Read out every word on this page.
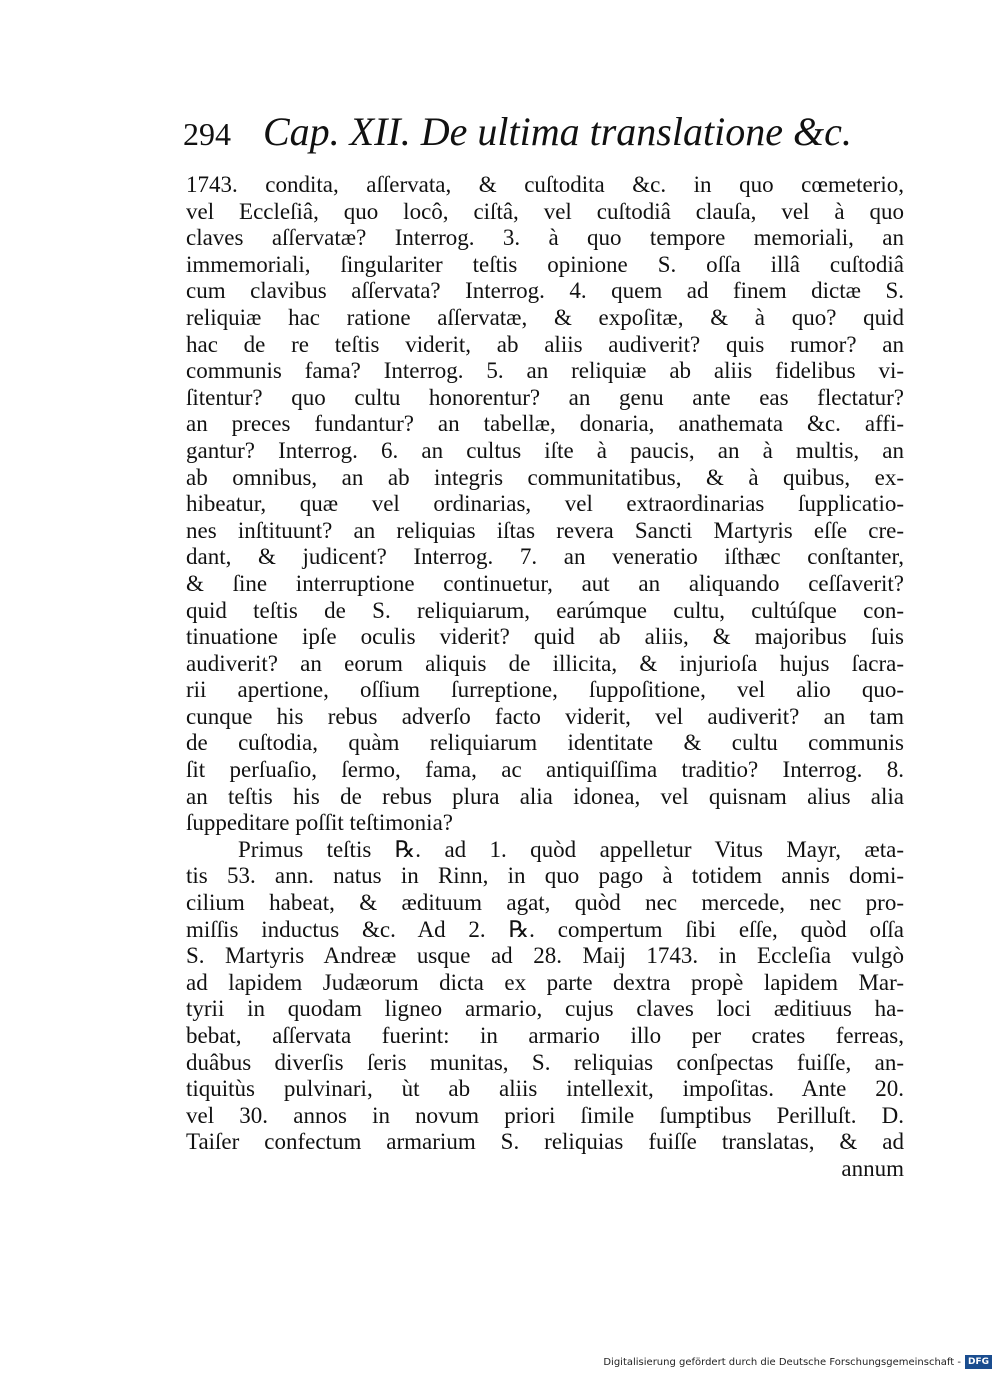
294 Cap. XII. De ultima translatione &c.
1743. condita, aſſervata, & cuſtodita &c. in quo cœmeterio,
vel Eccleſiâ, quo locô, ciſtâ, vel cuſtodiâ clauſa, vel à quo
claves aſſervatæ? Interrog. 3. à quo tempore memoriali, an
immemoriali, ſingulariter teſtis opinione S. oſſa illâ cuſtodiâ
cum clavibus aſſervata? Interrog. 4. quem ad finem dictæ S.
reliquiæ hac ratione aſſervatæ, & expoſitæ, & à quo? quid
hac de re teſtis viderit, ab aliis audiverit? quis rumor? an
communis fama? Interrog. 5. an reliquiæ ab aliis fidelibus vi-
ſitentur? quo cultu honorentur? an genu ante eas flectatur?
an preces fundantur? an tabellæ, donaria, anathemata &c. affi-
gantur? Interrog. 6. an cultus iſte à paucis, an à multis, an
ab omnibus, an ab integris communitatibus, & à quibus, ex-
hibeatur, quæ vel ordinarias, vel extraordinarias ſupplicatio-
nes inſtituunt? an reliquias iſtas revera Sancti Martyris eſſe cre-
dant, & judicent? Interrog. 7. an veneratio iſthæc conſtanter,
& ſine interruptione continuetur, aut an aliquando ceſſaverit?
quid teſtis de S. reliquiarum, earúmque cultu, cultúſque con-
tinuatione ipſe oculis viderit? quid ab aliis, & majoribus ſuis
audiverit? an eorum aliquis de illicita, & injurioſa hujus ſacra-
rii apertione, oſſium ſurreptione, ſuppoſitione, vel alio quo-
cunque his rebus adverſo facto viderit, vel audiverit? an tam
de cuſtodia, quàm reliquiarum identitate & cultu communis
ſit perſuaſio, ſermo, fama, ac antiquiſſima traditio? Interrog. 8.
an teſtis his de rebus plura alia idonea, vel quisnam alius alia
ſuppeditare poſſit teſtimonia?
Primus teſtis ℞. ad 1. quòd appelletur Vitus Mayr, æta-
tis 53. ann. natus in Rinn, in quo pago à totidem annis domi-
cilium habeat, & ædituum agat, quòd nec mercede, nec pro-
miſſis inductus &c. Ad 2. ℞. compertum ſibi eſſe, quòd oſſa
S. Martyris Andreæ usque ad 28. Maij 1743. in Eccleſia vulgò
ad lapidem Judæorum dicta ex parte dextra propè lapidem Mar-
tyrii in quodam ligneo armario, cujus claves loci æditiuus ha-
bebat, aſſervata fuerint: in armario illo per crates ferreas,
duâbus diverſis ſeris munitas, S. reliquias conſpectas fuiſſe, an-
tiquitùs pulvinari, ùt ab aliis intellexit, impoſitas. Ante 20.
vel 30. annos in novum priori ſimile ſumptibus Perilluſt. D.
Taiſer confectum armarium S. reliquias fuiſſe translatas, & ad
annum
Digitalisierung gefördert durch die Deutsche Forschungsgemeinschaft - DFG
